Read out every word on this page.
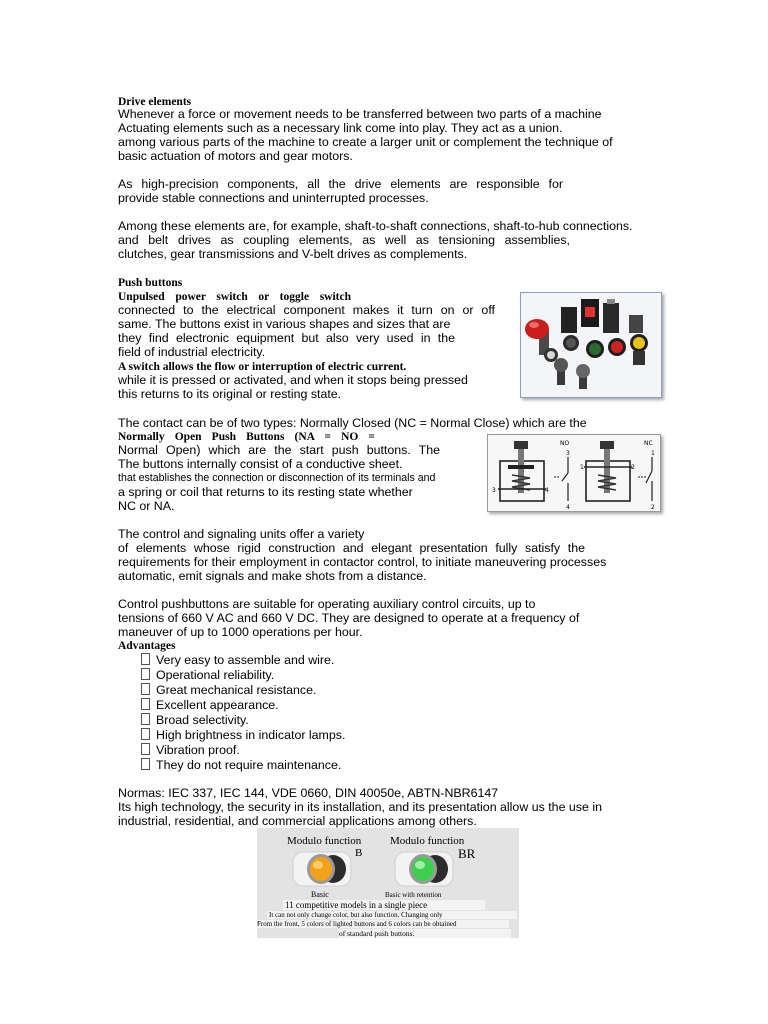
Drive elements
Whenever a force or movement needs to be transferred between two parts of a machine
Actuating elements such as a necessary link come into play. They act as a union.
among various parts of the machine to create a larger unit or complement the technique of
basic actuation of motors and gear motors.
As high-precision components, all the drive elements are responsible for
provide stable connections and uninterrupted processes.
Among these elements are, for example, shaft-to-shaft connections, shaft-to-hub connections.
and belt drives as coupling elements, as well as tensioning assemblies,
clutches, gear transmissions and V-belt drives as complements.
Push buttons
Unpulsed power switch or toggle switch
connected to the electrical component makes it turn on or off
same. The buttons exist in various shapes and sizes that are
they find electronic equipment but also very used in the
field of industrial electricity.
A switch allows the flow or interruption of electric current.
while it is pressed or activated, and when it stops being pressed
this returns to its original or resting state.
The contact can be of two types: Normally Closed (NC = Normal Close) which are the
Normally Open Push Buttons (NA = NO =
Normal Open) which are the start push buttons. The
The buttons internally consist of a conductive sheet.
that establishes the connection or disconnection of its terminals and
a spring or coil that returns to its resting state whether
NC or NA.
3	4
NO
3
4
1	2
NC
1
2
The control and signaling units offer a variety
of elements whose rigid construction and elegant presentation fully satisfy the
requirements for their employment in contactor control, to initiate maneuvering processes
automatic, emit signals and make shots from a distance.
Control pushbuttons are suitable for operating auxiliary control circuits, up to
tensions of 660 V AC and 660 V DC. They are designed to operate at a frequency of
maneuver of up to 1000 operations per hour.
Advantages
Very easy to assemble and wire.
Operational reliability.
Great mechanical resistance.
Excellent appearance.
Broad selectivity.
High brightness in indicator lamps.
Vibration proof.
They do not require maintenance.
Normas: IEC 337, IEC 144, VDE 0660, DIN 40050e, ABTN-NBR6147
Its high technology, the security in its installation, and its presentation allow us the use in
industrial, residential, and commercial applications among others.
Modulo function	Modulo function
B	BR
Basic	Basic with retention
11 competitive models in a single piece
It can not only change color, but also function. Changing only
From the front, 5 colors of lighted buttons and 6 colors can be obtained
of standard push buttons.
